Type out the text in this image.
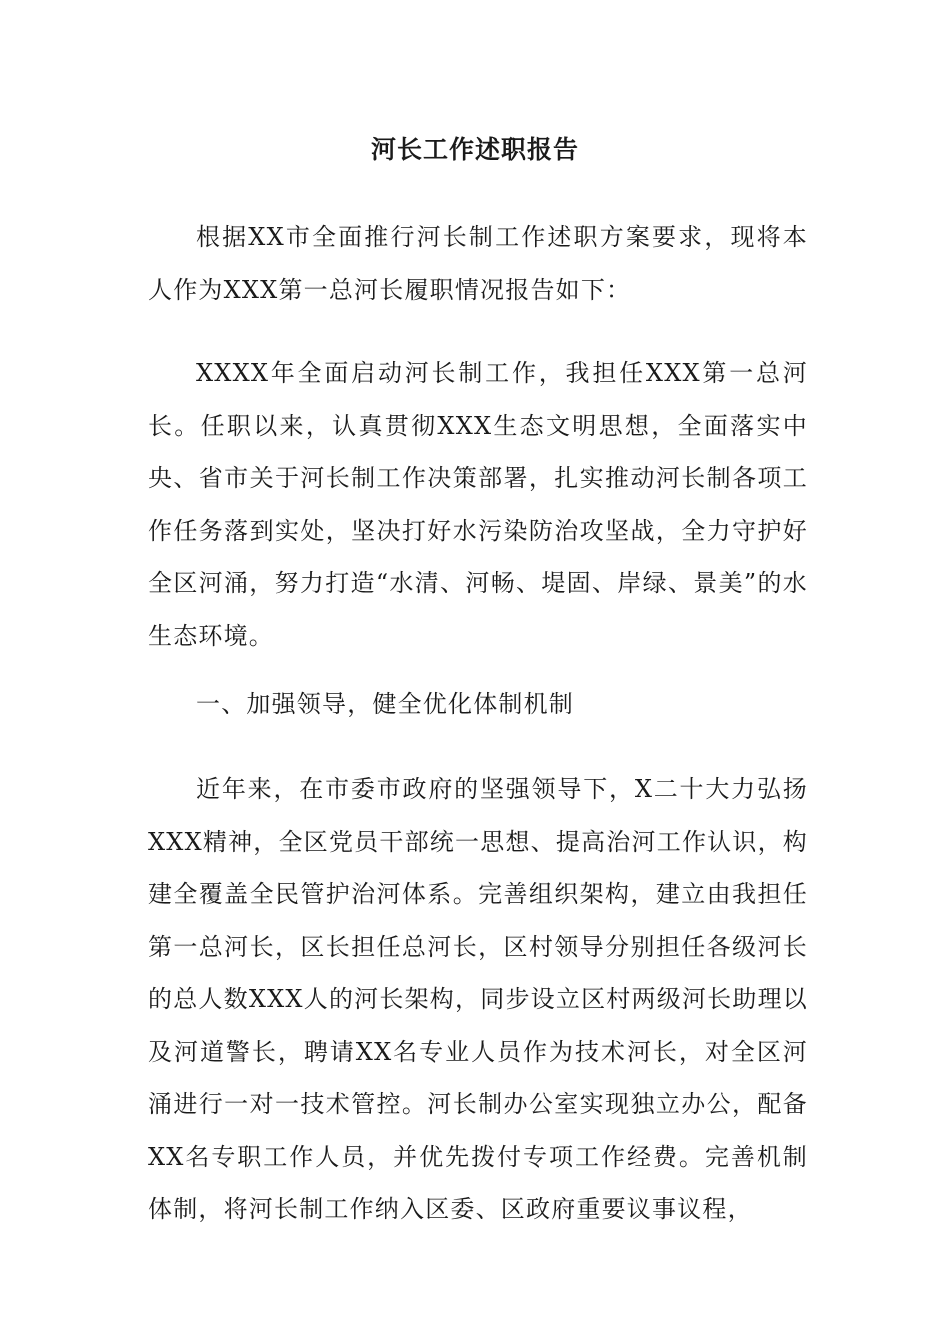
河长工作述职报告

根据XX市全面推行河长制工作述职方案要求，现将本人作为XXX第一总河长履职情况报告如下：

XXXX年全面启动河长制工作，我担任XXX第一总河长。任职以来，认真贯彻XXX生态文明思想，全面落实中央、省市关于河长制工作决策部署，扎实推动河长制各项工作任务落到实处，坚决打好水污染防治攻坚战，全力守护好全区河涌，努力打造“水清、河畅、堤固、岸绿、景美”的水生态环境。

一、加强领导，健全优化体制机制

近年来，在市委市政府的坚强领导下，X二十大力弘扬XXX精神，全区党员干部统一思想、提高治河工作认识，构建全覆盖全民管护治河体系。完善组织架构，建立由我担任第一总河长，区长担任总河长，区村领导分别担任各级河长的总人数XXX人的河长架构，同步设立区村两级河长助理以及河道警长，聘请XX名专业人员作为技术河长，对全区河涌进行一对一技术管控。河长制办公室实现独立办公，配备XX名专职工作人员，并优先拨付专项工作经费。完善机制体制，将河长制工作纳入区委、区政府重要议事议程，
